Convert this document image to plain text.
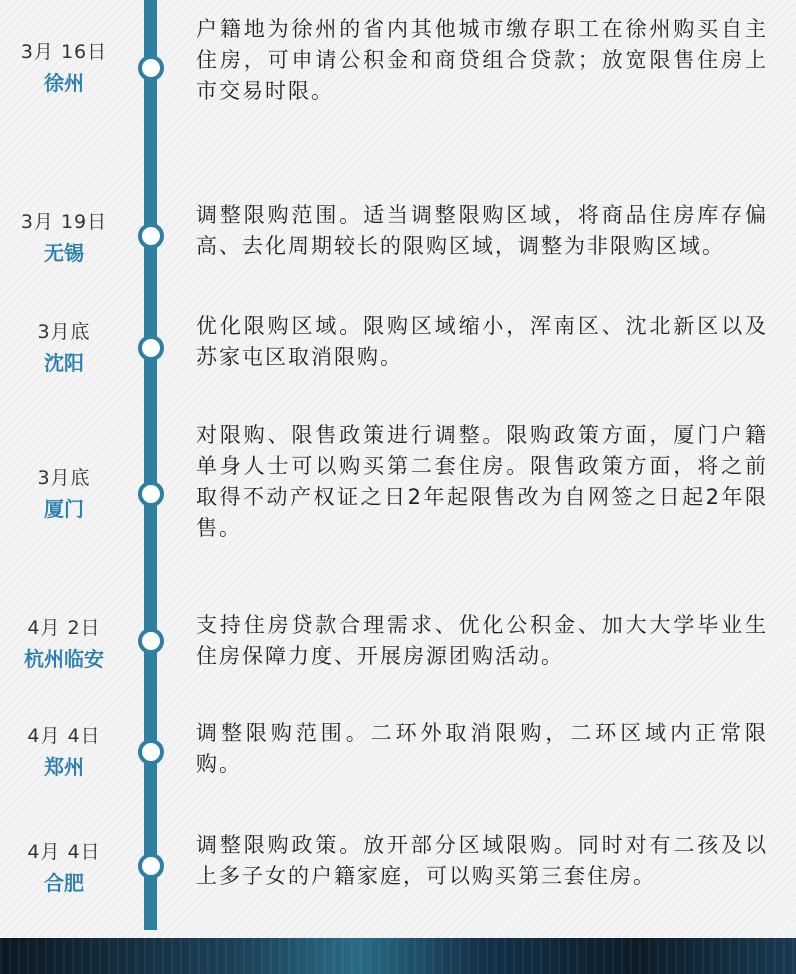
3月 16日
徐州
户籍地为徐州的省内其他城市缴存职工在徐州购买自主住房，可申请公积金和商贷组合贷款；放宽限售住房上市交易时限。
3月 19日
无锡
调整限购范围。适当调整限购区域，将商品住房库存偏高、去化周期较长的限购区域，调整为非限购区域。
3月底
沈阳
优化限购区域。限购区域缩小，浑南区、沈北新区以及苏家屯区取消限购。
3月底
厦门
对限购、限售政策进行调整。限购政策方面，厦门户籍单身人士可以购买第二套住房。限售政策方面，将之前取得不动产权证之日2年起限售改为自网签之日起2年限售。
4月 2日
杭州临安
支持住房贷款合理需求、优化公积金、加大大学毕业生住房保障力度、开展房源团购活动。
4月 4日
郑州
调整限购范围。二环外取消限购，二环区域内正常限购。
4月 4日
合肥
调整限购政策。放开部分区域限购。同时对有二孩及以上多子女的户籍家庭，可以购买第三套住房。
